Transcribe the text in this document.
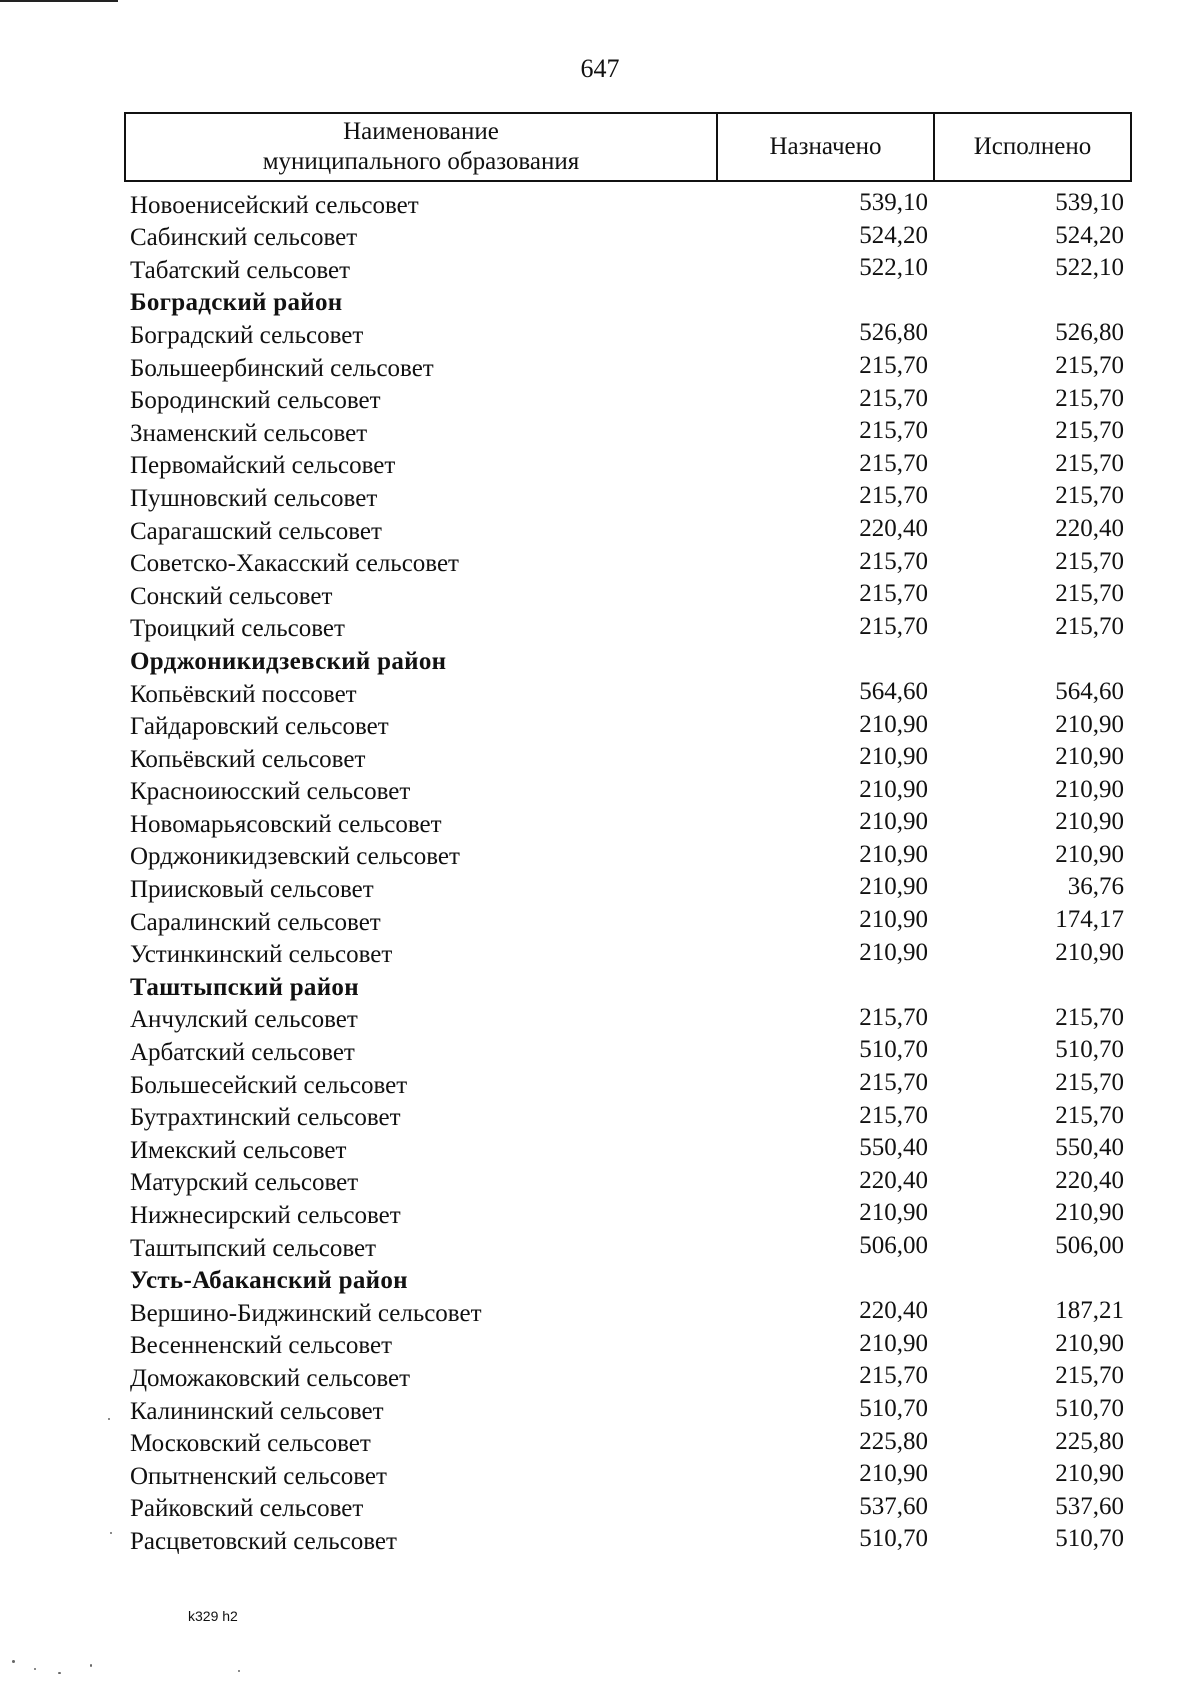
647
Наименование
муниципального образования
Назначено	Исполнено
Новоенисейский сельсовет	539,10	539,10
Сабинский сельсовет	524,20	524,20
Табатский сельсовет	522,10	522,10
Боградский район
Боградский сельсовет	526,80	526,80
Большеербинский сельсовет	215,70	215,70
Бородинский сельсовет	215,70	215,70
Знаменский сельсовет	215,70	215,70
Первомайский сельсовет	215,70	215,70
Пушновский сельсовет	215,70	215,70
Сарагашский сельсовет	220,40	220,40
Советско-Хакасский сельсовет	215,70	215,70
Сонский сельсовет	215,70	215,70
Троицкий сельсовет	215,70	215,70
Орджоникидзевский район
Копьёвский поссовет	564,60	564,60
Гайдаровский сельсовет	210,90	210,90
Копьёвский сельсовет	210,90	210,90
Красноиюсский сельсовет	210,90	210,90
Новомарьясовский сельсовет	210,90	210,90
Орджоникидзевский сельсовет	210,90	210,90
Приисковый сельсовет	210,90	36,76
Саралинский сельсовет	210,90	174,17
Устинкинский сельсовет	210,90	210,90
Таштыпский район
Анчулский сельсовет	215,70	215,70
Арбатский сельсовет	510,70	510,70
Большесейский сельсовет	215,70	215,70
Бутрахтинский сельсовет	215,70	215,70
Имекский сельсовет	550,40	550,40
Матурский сельсовет	220,40	220,40
Нижнесирский сельсовет	210,90	210,90
Таштыпский сельсовет	506,00	506,00
Усть-Абаканский район
Вершино-Биджинский сельсовет	220,40	187,21
Весенненский сельсовет	210,90	210,90
Доможаковский сельсовет	215,70	215,70
Калининский сельсовет	510,70	510,70
Московский сельсовет	225,80	225,80
Опытненский сельсовет	210,90	210,90
Райковский сельсовет	537,60	537,60
Расцветовский сельсовет	510,70	510,70
k329 h2
